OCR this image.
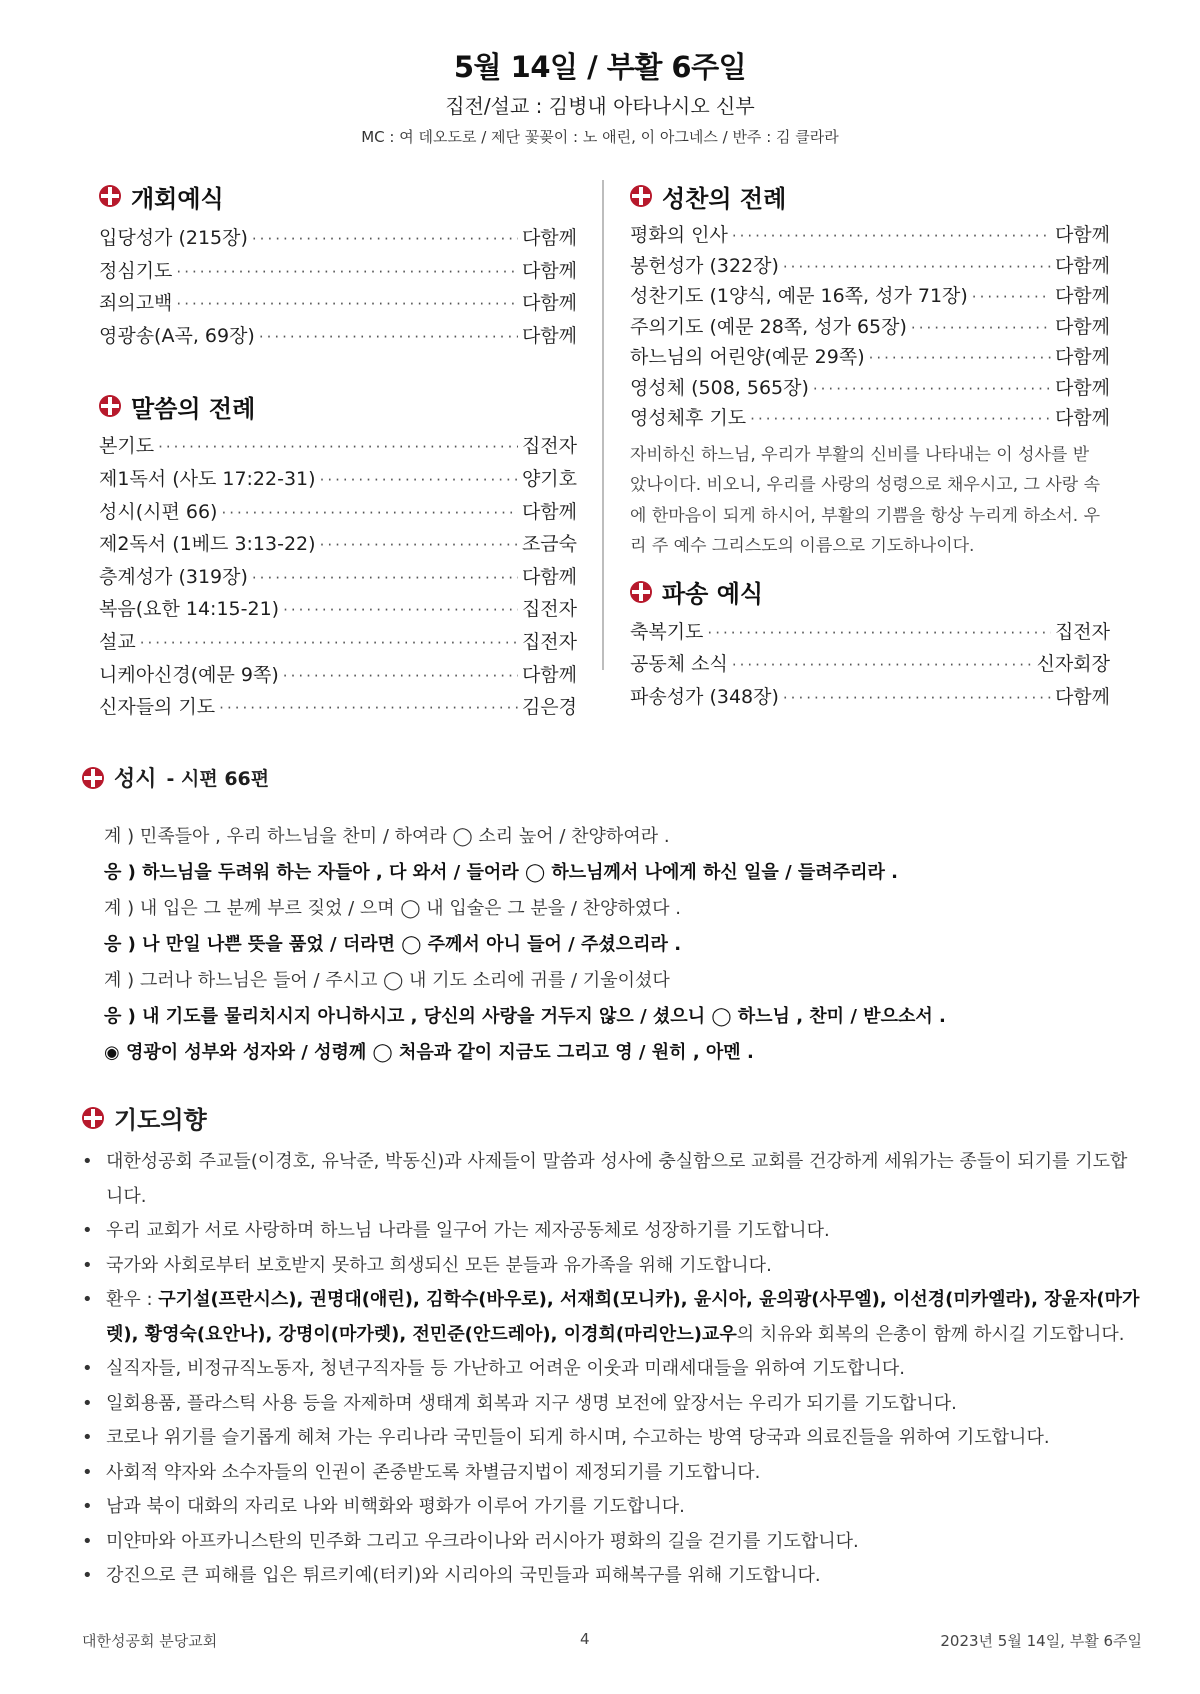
5월 14일 / 부활 6주일
집전/설교 : 김병내 아타나시오 신부
MC : 여 데오도로 / 제단 꽃꽂이 : 노 애린, 이 아그네스 / 반주 : 김 클라라
개회예식
입당성가 (215장) ·····	다함께
정심기도 ·····	다함께
죄의고백 ·····	다함께
영광송(A곡, 69장) ·····	다함께
말씀의 전례
본기도 ·····	집전자
제1독서 (사도 17:22-31) ·····	양기호
성시(시편 66) ·····	다함께
제2독서 (1베드 3:13-22) ·····	조금숙
층계성가 (319장) ·····	다함께
복음(요한 14:15-21) ·····	집전자
설교 ·····	집전자
니케아신경(예문 9쪽) ·····	다함께
신자들의 기도 ·····	김은경
성찬의 전례
평화의 인사 ·····	다함께
봉헌성가 (322장) ·····	다함께
성찬기도 (1양식, 예문 16쪽, 성가 71장) ·····	다함께
주의기도 (예문 28쪽, 성가 65장) ·····	다함께
하느님의 어린양(예문 29쪽) ·····	다함께
영성체 (508, 565장) ·····	다함께
영성체후 기도 ·····	다함께
자비하신 하느님, 우리가 부활의 신비를 나타내는 이 성사를 받았나이다. 비오니, 우리를 사랑의 성령으로 채우시고, 그 사랑 속에 한마음이 되게 하시어, 부활의 기쁨을 항상 누리게 하소서. 우리 주 예수 그리스도의 이름으로 기도하나이다.
파송 예식
축복기도 ·····	집전자
공동체 소식 ·····	신자회장
파송성가 (348장) ·····	다함께
성시 - 시편 66편
계 ) 민족들아 , 우리 하느님을 찬미 / 하여라 ◯ 소리 높어 / 찬양하여라 .
응 ) 하느님을 두려워 하는 자들아 , 다 와서 / 들어라 ◯ 하느님께서 나에게 하신 일을 / 들려주리라 .
계 ) 내 입은 그 분께 부르 짖었 / 으며 ◯ 내 입술은 그 분을 / 찬양하였다 .
응 ) 나 만일 나쁜 뜻을 품었 / 더라면 ◯ 주께서 아니 들어 / 주셨으리라 .
계 ) 그러나 하느님은 들어 / 주시고 ◯ 내 기도 소리에 귀를 / 기울이셨다
응 ) 내 기도를 물리치시지 아니하시고 , 당신의 사랑을 거두지 않으 / 셨으니 ◯ 하느님 , 찬미 / 받으소서 .
◉ 영광이 성부와 성자와 / 성령께 ◯ 처음과 같이 지금도 그리고 영 / 원히 , 아멘 .
기도의향
• 대한성공회 주교들(이경호, 유낙준, 박동신)과 사제들이 말씀과 성사에 충실함으로 교회를 건강하게 세워가는 종들이 되기를 기도합니다.
• 우리 교회가 서로 사랑하며 하느님 나라를 일구어 가는 제자공동체로 성장하기를 기도합니다.
• 국가와 사회로부터 보호받지 못하고 희생되신 모든 분들과 유가족을 위해 기도합니다.
• 환우 : 구기설(프란시스), 권명대(애린), 김학수(바우로), 서재희(모니카), 윤시아, 윤의광(사무엘), 이선경(미카엘라), 장윤자(마가렛), 황영숙(요안나), 강명이(마가렛), 전민준(안드레아), 이경희(마리안느)교우의 치유와 회복의 은총이 함께 하시길 기도합니다.
• 실직자들, 비정규직노동자, 청년구직자들 등 가난하고 어려운 이웃과 미래세대들을 위하여 기도합니다.
• 일회용품, 플라스틱 사용 등을 자제하며 생태계 회복과 지구 생명 보전에 앞장서는 우리가 되기를 기도합니다.
• 코로나 위기를 슬기롭게 헤쳐 가는 우리나라 국민들이 되게 하시며, 수고하는 방역 당국과 의료진들을 위하여 기도합니다.
• 사회적 약자와 소수자들의 인권이 존중받도록 차별금지법이 제정되기를 기도합니다.
• 남과 북이 대화의 자리로 나와 비핵화와 평화가 이루어 가기를 기도합니다.
• 미얀마와 아프카니스탄의 민주화 그리고 우크라이나와 러시아가 평화의 길을 걷기를 기도합니다.
• 강진으로 큰 피해를 입은 튀르키예(터키)와 시리아의 국민들과 피해복구를 위해 기도합니다.
대한성공회 분당교회	4	2023년 5월 14일, 부활 6주일
